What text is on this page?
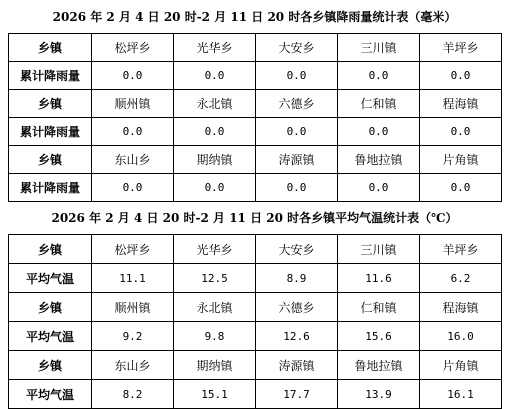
2026 年 2 月 4 日 20 时-2 月 11 日 20 时各乡镇降雨量统计表（毫米）
乡镇	松坪乡	光华乡	大安乡	三川镇	羊坪乡
累计降雨量	0.0	0.0	0.0	0.0	0.0
乡镇	顺州镇	永北镇	六德乡	仁和镇	程海镇
累计降雨量	0.0	0.0	0.0	0.0	0.0
乡镇	东山乡	期纳镇	涛源镇	鲁地拉镇	片角镇
累计降雨量	0.0	0.0	0.0	0.0	0.0
2026 年 2 月 4 日 20 时-2 月 11 日 20 时各乡镇平均气温统计表（℃）
乡镇	松坪乡	光华乡	大安乡	三川镇	羊坪乡
平均气温	11.1	12.5	8.9	11.6	6.2
乡镇	顺州镇	永北镇	六德乡	仁和镇	程海镇
平均气温	9.2	9.8	12.6	15.6	16.0
乡镇	东山乡	期纳镇	涛源镇	鲁地拉镇	片角镇
平均气温	8.2	15.1	17.7	13.9	16.1
